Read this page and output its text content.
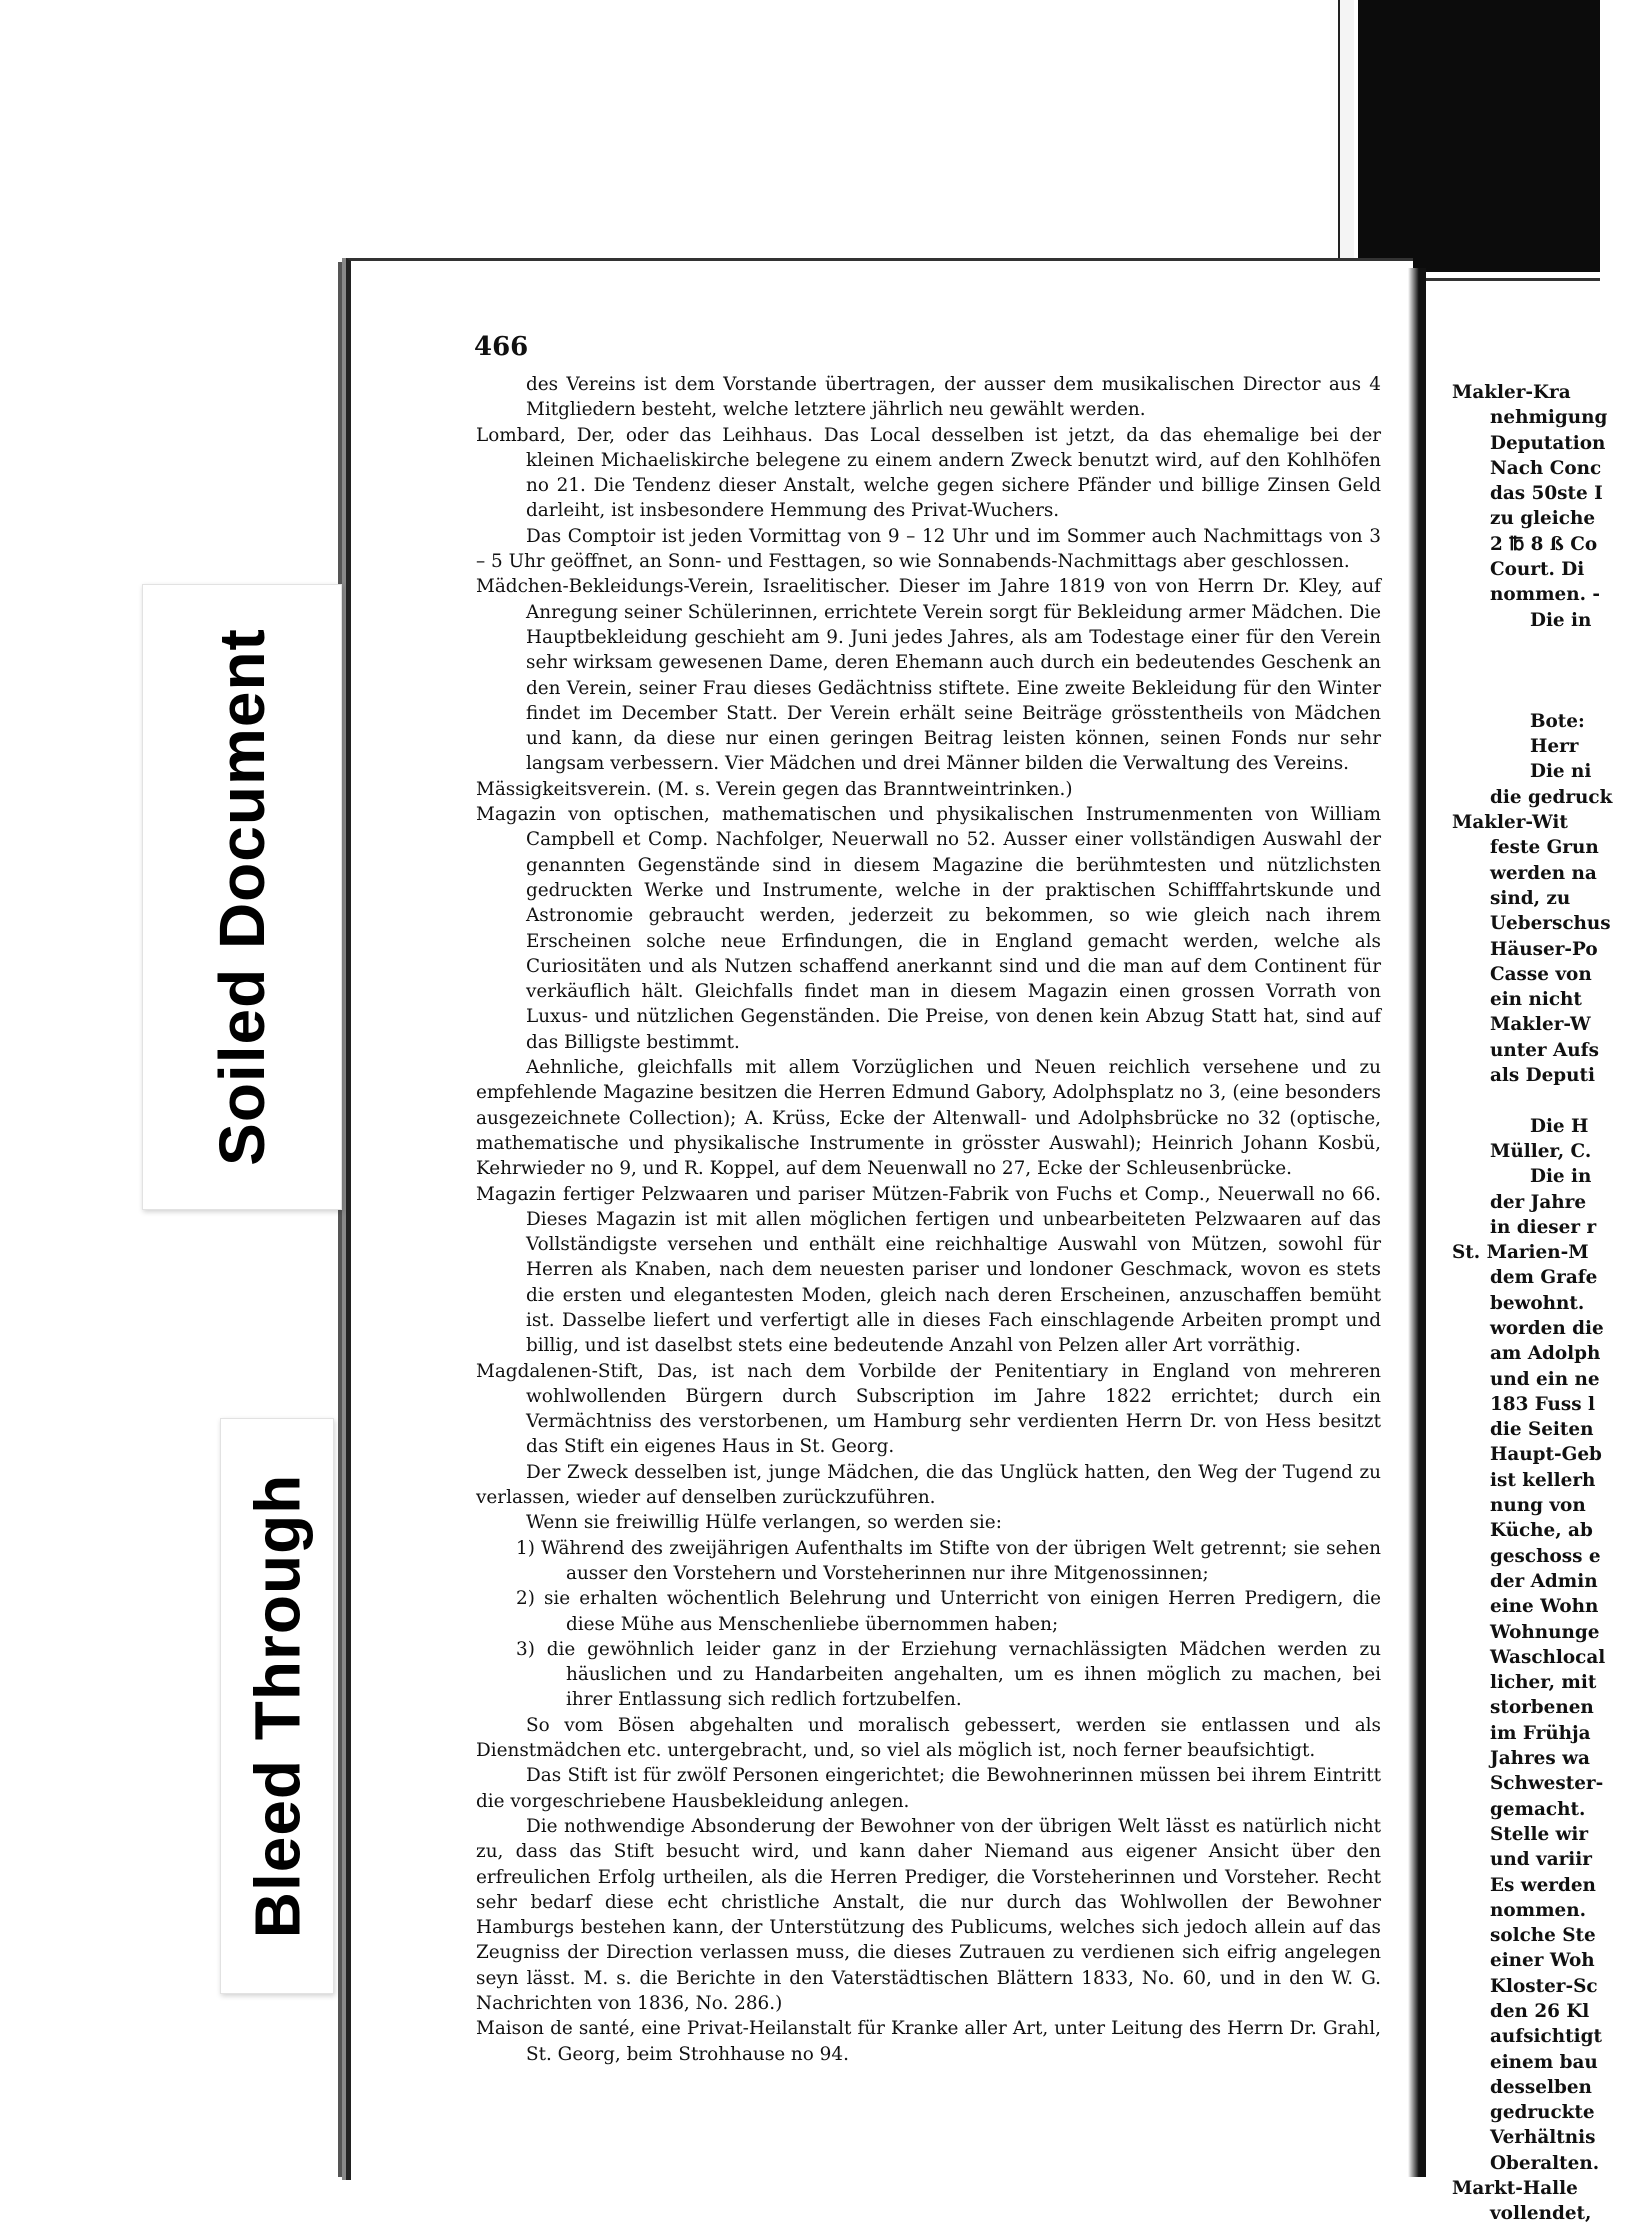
Soiled Document
Bleed Through
466

des Vereins ist dem Vorstande übertragen, der ausser dem musikalischen Director aus 4 Mitgliedern besteht, welche letztere jährlich neu gewählt werden.

Lombard, Der, oder das Leihhaus. Das Local desselben ist jetzt, da das ehemalige bei der kleinen Michaeliskirche belegene zu einem andern Zweck benutzt wird, auf den Kohlhöfen no 21. Die Tendenz dieser Anstalt, welche gegen sichere Pfänder und billige Zinsen Geld darleiht, ist insbesondere Hemmung des Privat-Wuchers.

Das Comptoir ist jeden Vormittag von 9 – 12 Uhr und im Sommer auch Nachmittags von 3 – 5 Uhr geöffnet, an Sonn- und Festtagen, so wie Sonnabends-Nachmittags aber geschlossen.

Mädchen-Bekleidungs-Verein, Israelitischer. Dieser im Jahre 1819 von von Herrn Dr. Kley, auf Anregung seiner Schülerinnen, errichtete Verein sorgt für Bekleidung armer Mädchen. Die Hauptbekleidung geschieht am 9. Juni jedes Jahres, als am Todestage einer für den Verein sehr wirksam gewesenen Dame, deren Ehemann auch durch ein bedeutendes Geschenk an den Verein, seiner Frau dieses Gedächtniss stiftete. Eine zweite Bekleidung für den Winter findet im December Statt. Der Verein erhält seine Beiträge grösstentheils von Mädchen und kann, da diese nur einen geringen Beitrag leisten können, seinen Fonds nur sehr langsam verbessern. Vier Mädchen und drei Männer bilden die Verwaltung des Vereins.

Mässigkeitsverein. (M. s. Verein gegen das Branntweintrinken.)

Magazin von optischen, mathematischen und physikalischen Instrumenmenten von William Campbell et Comp. Nachfolger, Neuerwall no 52. Ausser einer vollständigen Auswahl der genannten Gegenstände sind in diesem Magazine die berühmtesten und nützlichsten gedruckten Werke und Instrumente, welche in der praktischen Schifffahrtskunde und Astronomie gebraucht werden, jederzeit zu bekommen, so wie gleich nach ihrem Erscheinen solche neue Erfindungen, die in England gemacht werden, welche als Curiositäten und als Nutzen schaffend anerkannt sind und die man auf dem Continent für verkäuflich hält. Gleichfalls findet man in diesem Magazin einen grossen Vorrath von Luxus- und nützlichen Gegenständen. Die Preise, von denen kein Abzug Statt hat, sind auf das Billigste bestimmt.

Aehnliche, gleichfalls mit allem Vorzüglichen und Neuen reichlich versehene und zu empfehlende Magazine besitzen die Herren Edmund Gabory, Adolphsplatz no 3, (eine besonders ausgezeichnete Collection); A. Krüss, Ecke der Altenwall- und Adolphsbrücke no 32 (optische, mathematische und physikalische Instrumente in grösster Auswahl); Heinrich Johann Kosbü, Kehrwieder no 9, und R. Koppel, auf dem Neuenwall no 27, Ecke der Schleusenbrücke.

Magazin fertiger Pelzwaaren und pariser Mützen-Fabrik von Fuchs et Comp., Neuerwall no 66. Dieses Magazin ist mit allen möglichen fertigen und unbearbeiteten Pelzwaaren auf das Vollständigste versehen und enthält eine reichhaltige Auswahl von Mützen, sowohl für Herren als Knaben, nach dem neuesten pariser und londoner Geschmack, wovon es stets die ersten und elegantesten Moden, gleich nach deren Erscheinen, anzuschaffen bemüht ist. Dasselbe liefert und verfertigt alle in dieses Fach einschlagende Arbeiten prompt und billig, und ist daselbst stets eine bedeutende Anzahl von Pelzen aller Art vorräthig.

Magdalenen-Stift, Das, ist nach dem Vorbilde der Penitentiary in England von mehreren wohlwollenden Bürgern durch Subscription im Jahre 1822 errichtet; durch ein Vermächtniss des verstorbenen, um Hamburg sehr verdienten Herrn Dr. von Hess besitzt das Stift ein eigenes Haus in St. Georg.

Der Zweck desselben ist, junge Mädchen, die das Unglück hatten, den Weg der Tugend zu verlassen, wieder auf denselben zurückzuführen.

Wenn sie freiwillig Hülfe verlangen, so werden sie:

1) Während des zweijährigen Aufenthalts im Stifte von der übrigen Welt getrennt; sie sehen ausser den Vorstehern und Vorsteherinnen nur ihre Mitgenossinnen;

2) sie erhalten wöchentlich Belehrung und Unterricht von einigen Herren Predigern, die diese Mühe aus Menschenliebe übernommen haben;

3) die gewöhnlich leider ganz in der Erziehung vernachlässigten Mädchen werden zu häuslichen und zu Handarbeiten angehalten, um es ihnen möglich zu machen, bei ihrer Entlassung sich redlich fortzubelfen.

So vom Bösen abgehalten und moralisch gebessert, werden sie entlassen und als Dienstmädchen etc. untergebracht, und, so viel als möglich ist, noch ferner beaufsichtigt.

Das Stift ist für zwölf Personen eingerichtet; die Bewohnerinnen müssen bei ihrem Eintritt die vorgeschriebene Hausbekleidung anlegen.

Die nothwendige Absonderung der Bewohner von der übrigen Welt lässt es natürlich nicht zu, dass das Stift besucht wird, und kann daher Niemand aus eigener Ansicht über den erfreulichen Erfolg urtheilen, als die Herren Prediger, die Vorsteherinnen und Vorsteher. Recht sehr bedarf diese echt christliche Anstalt, die nur durch das Wohlwollen der Bewohner Hamburgs bestehen kann, der Unterstützung des Publicums, welches sich jedoch allein auf das Zeugniss der Direction verlassen muss, die dieses Zutrauen zu verdienen sich eifrig angelegen seyn lässt. M. s. die Berichte in den Vaterstädtischen Blättern 1833, No. 60, und in den W. G. Nachrichten von 1836, No. 286.)

Maison de santé, eine Privat-Heilanstalt für Kranke aller Art, unter Leitung des Herrn Dr. Grahl, St. Georg, beim Strohhause no 94.

Makler-Kra
nehmigung
Deputation
Nach Conc
das 50ste I
zu gleiche
2 ℔ 8 ß Co
Court. Di
nommen. -
Die in
Bote:
Herr
Die ni
die gedruck
Makler-Wit
feste Grun
werden na
sind, zu
Ueberschus
Häuser-Po
Casse von
ein nicht
Makler-W
unter Aufs
als Deputi
Die H
Müller, C.
Die in
der Jahre
in dieser r
St. Marien-M
dem Grafe
bewohnt.
worden die
am Adolph
und ein ne
183 Fuss l
die Seiten
Haupt-Geb
ist kellerh
nung von
Küche, ab
geschoss e
der Admin
eine Wohn
Wohnunge
Waschlocal
licher, mit
storbenen
im Frühja
Jahres wa
Schwester-
gemacht.
Stelle wir
und variir
Es werden
nommen.
solche Ste
einer Woh
Kloster-Sc
den 26 Kl
aufsichtigt
einem bau
desselben
gedruckte
Verhältnis
Oberalten.
Markt-Halle
vollendet,
